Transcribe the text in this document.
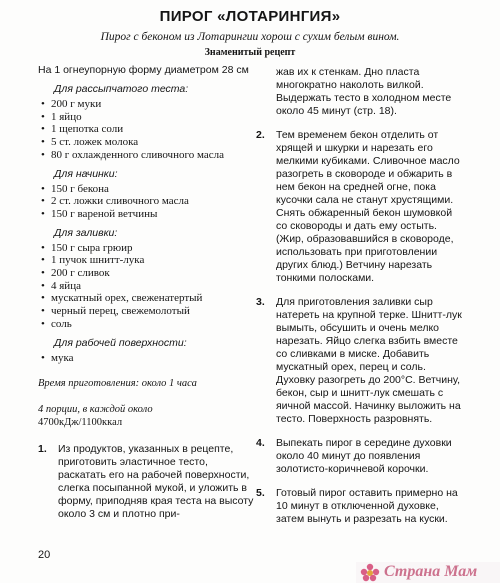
ПИРОГ «ЛОТАРИНГИЯ»
Пирог с беконом из Лотарингии хорош с сухим белым вином.
Знаменитый рецепт

На 1 огнеупорную форму диаметром 28 см

Для рассыпчатого теста:
• 200 г муки
• 1 яйцо
• 1 щепотка соли
• 5 ст. ложек молока
• 80 г охлажденного сливочного масла
Для начинки:
• 150 г бекона
• 2 ст. ложки сливочного масла
• 150 г вареной ветчины
Для заливки:
• 150 г сыра грюир
• 1 пучок шнитт-лука
• 200 г сливок
• 4 яйца
• мускатный орех, свеженатертый
• черный перец, свежемолотый
• соль
Для рабочей поверхности:
• мука

Время приготовления: около 1 часа

4 порции, в каждой около

4700кДж/1100ккал

1. Из продуктов, указанных в рецепте, приготовить эластичное тесто, раскатать его на рабочей поверхности, слегка посыпанной мукой, и уложить в форму, приподняв края теста на высоту около 3 см и плотно при-

жав их к стенкам. Дно пласта многократно наколоть вилкой. Выдержать тесто в холодном месте около 45 минут (стр. 18).

2. Тем временем бекон отделить от хрящей и шкурки и нарезать его мелкими кубиками. Сливочное масло разогреть в сковороде и обжарить в нем бекон на средней огне, пока кусочки сала не станут хрустящими. Снять обжаренный бекон шумовкой со сковороды и дать ему остыть. (Жир, образовавшийся в сковороде, использовать при приготовлении других блюд.) Ветчину нарезать тонкими полосками.
3. Для приготовления заливки сыр натереть на крупной терке. Шнитт-лук вымыть, обсушить и очень мелко нарезать. Яйцо слегка взбить вместе со сливками в миске. Добавить мускатный орех, перец и соль. Духовку разогреть до 200°С. Ветчину, бекон, сыр и шнитт-лук смешать с яичной массой. Начинку выложить на тесто. Поверхность разровнять.
4. Выпекать пирог в середине духовки около 40 минут до появления золотисто-коричневой корочки.
5. Готовый пирог оставить примерно на 10 минут в отключенной духовке, затем вынуть и разрезать на куски.
20
Страна Мам
